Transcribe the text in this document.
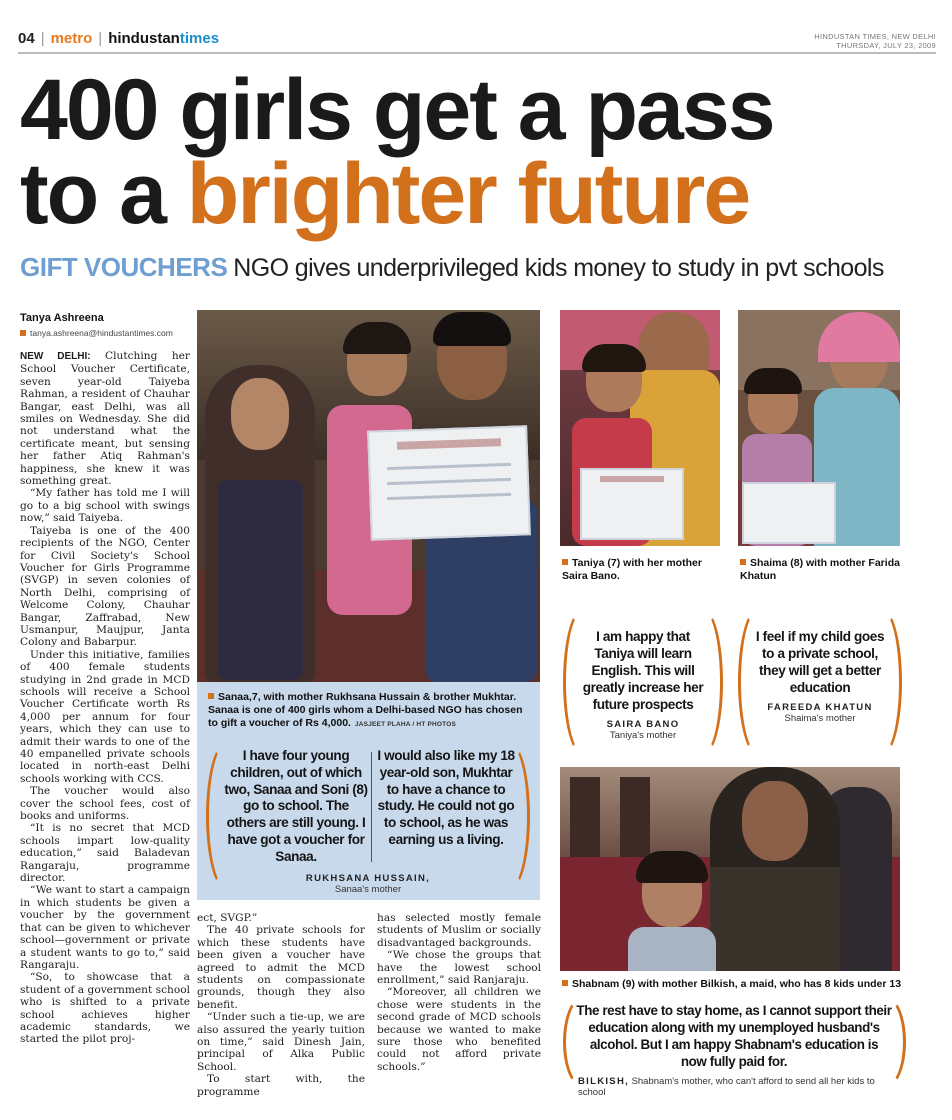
04 | metro | hindustantimes	HINDUSTAN TIMES, NEW DELHI
THURSDAY, JULY 23, 2009
400 girls get a pass
to a brighter future
GIFT VOUCHERS NGO gives underprivileged kids money to study in pvt schools
Tanya Ashreena
tanya.ashreena@hindustantimes.com

NEW DELHI: Clutching her School Voucher Certificate, seven year-old Taiyeba Rahman, a resident of Chauhar Bangar, east Delhi, was all smiles on Wednesday. She did not understand what the certificate meant, but sensing her father Atiq Rahman's happiness, she knew it was something great.

“My father has told me I will go to a big school with swings now,” said Taiyeba.

Taiyeba is one of the 400 recipients of the NGO, Center for Civil Society's School Voucher for Girls Programme (SVGP) in seven colonies of North Delhi, comprising of Welcome Colony, Chauhar Bangar, Zaffrabad, New Usmanpur, Maujpur, Janta Colony and Babarpur.

Under this initiative, families of 400 female students studying in 2nd grade in MCD schools will receive a School Voucher Certificate worth Rs 4,000 per annum for four years, which they can use to admit their wards to one of the 40 empanelled private schools located in north-east Delhi schools working with CCS.

The voucher would also cover the school fees, cost of books and uniforms.

“It is no secret that MCD schools impart low-quality education,” said Baladevan Rangaraju, programme director.

“We want to start a campaign in which students be given a voucher by the government that can be given to whichever school—government or private a student wants to go to,” said Rangaraju.

“So, to showcase that a student of a government school who is shifted to a private school achieves higher academic standards, we started the pilot proj-

Sanaa,7, with mother Rukhsana Hussain & brother Mukhtar. Sanaa is one of 400 girls whom a Delhi-based NGO has chosen to gift a voucher of Rs 4,000. JASJEET PLAHA / HT PHOTOS
I have four young children, out of which two, Sanaa and Soni (8) go to school. The others are still young. I have got a voucher for Sanaa.
I would also like my 18 year-old son, Mukhtar to have a chance to study. He could not go to school, as he was earning us a living.
RUKHSANA HUSSAIN,
Sanaa's mother

ect, SVGP.”

The 40 private schools for which these students have been given a voucher have agreed to admit the MCD students on compassionate grounds, though they also benefit.

“Under such a tie-up, we are also assured the yearly tuition on time,” said Dinesh Jain, principal of Alka Public School.

To start with, the programme

has selected mostly female students of Muslim or socially disadvantaged backgrounds.

“We chose the groups that have the lowest school enrollment,” said Ranjaraju.

“Moreover, all children we chose were students in the second grade of MCD schools because we wanted to make sure those who benefited could not afford private schools.”

Taniya (7) with her mother Saira Bano.
Shaima (8) with mother Farida Khatun
I am happy that Taniya will learn English. This will greatly increase her future prospects
SAIRA BANO
Taniya's mother
I feel if my child goes to a private school, they will get a better education
FAREEDA KHATUN
Shaima's mother
Shabnam (9) with mother Bilkish, a maid, who has 8 kids under 13
The rest have to stay home, as I cannot support their education along with my unemployed husband's alcohol. But I am happy Shabnam's education is now fully paid for.
BILKISH, Shabnam's mother, who can't afford to send all her kids to school
